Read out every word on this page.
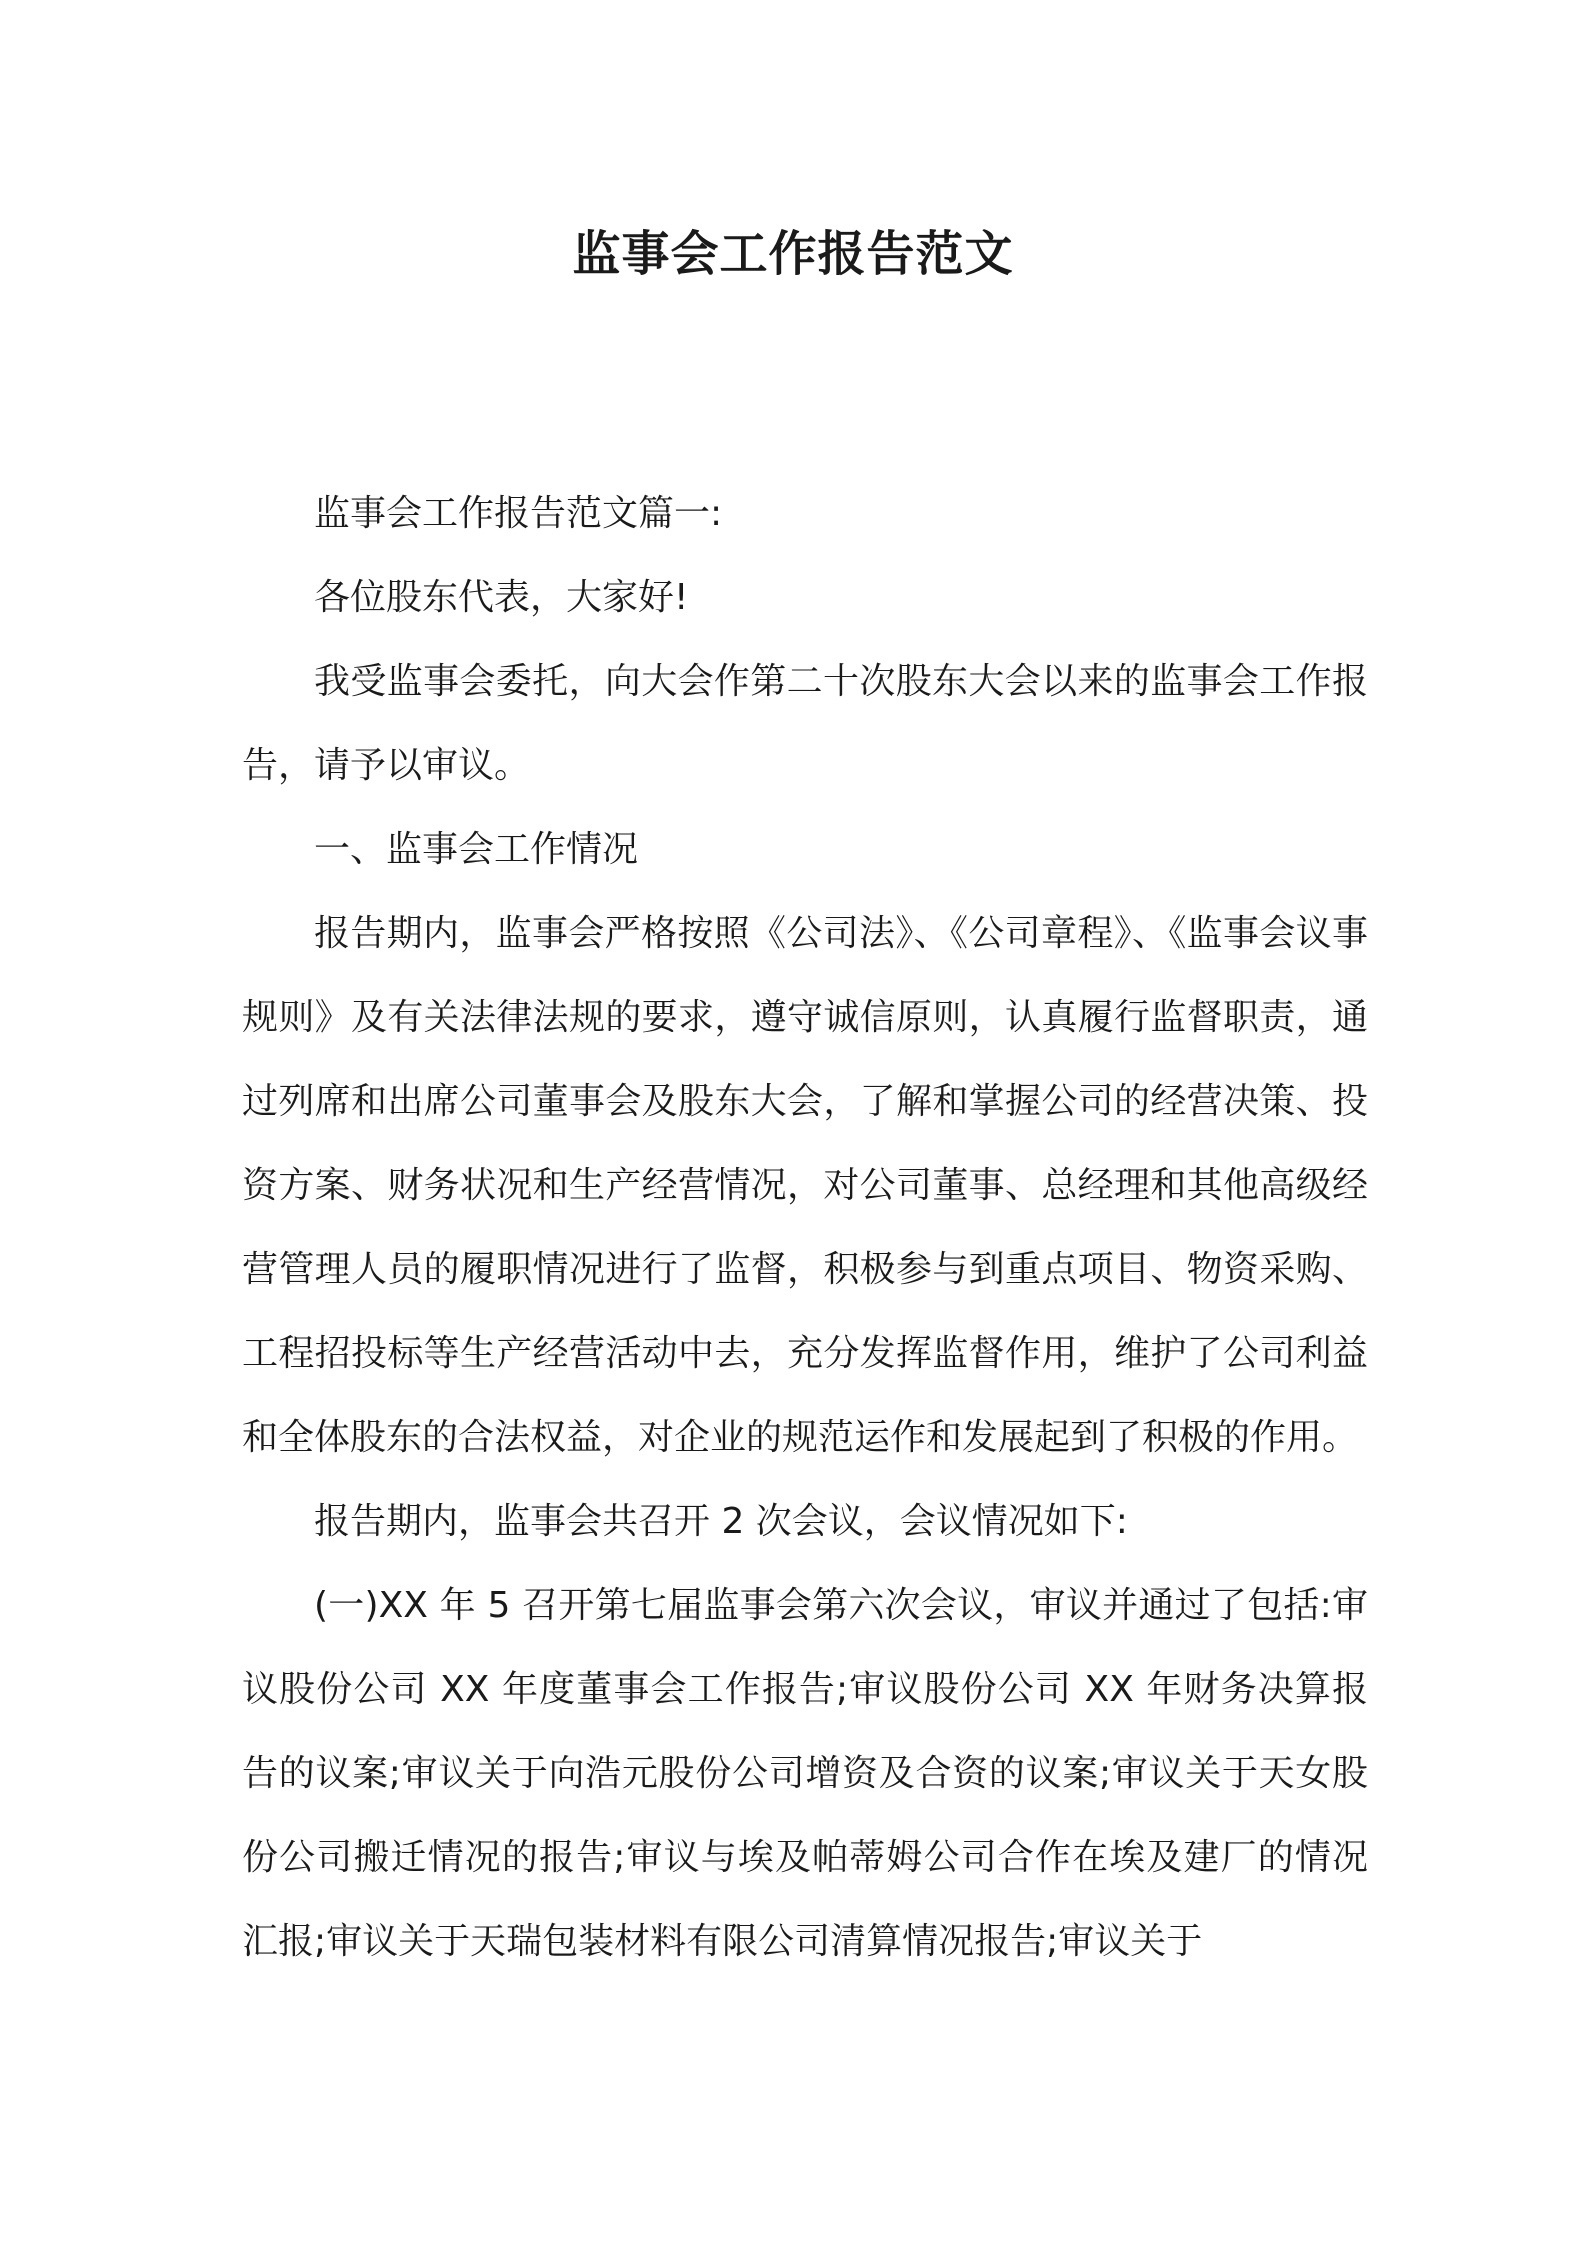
监事会工作报告范文

监事会工作报告范文篇一:

各位股东代表，大家好!

我受监事会委托，向大会作第二十次股东大会以来的监事会工作报告，请予以审议。

一、监事会工作情况

报告期内，监事会严格按照《公司法》、《公司章程》、《监事会议事规则》及有关法律法规的要求，遵守诚信原则，认真履行监督职责，通过列席和出席公司董事会及股东大会，了解和掌握公司的经营决策、投资方案、财务状况和生产经营情况，对公司董事、总经理和其他高级经营管理人员的履职情况进行了监督，积极参与到重点项目、物资采购、工程招投标等生产经营活动中去，充分发挥监督作用，维护了公司利益和全体股东的合法权益，对企业的规范运作和发展起到了积极的作用。

报告期内，监事会共召开 2 次会议，会议情况如下:

(一)XX 年 5 召开第七届监事会第六次会议，审议并通过了包括:审议股份公司 XX 年度董事会工作报告;审议股份公司 XX 年财务决算报告的议案;审议关于向浩元股份公司增资及合资的议案;审议关于天女股份公司搬迁情况的报告;审议与埃及帕蒂姆公司合作在埃及建厂的情况汇报;审议关于天瑞包装材料有限公司清算情况报告;审议关于
